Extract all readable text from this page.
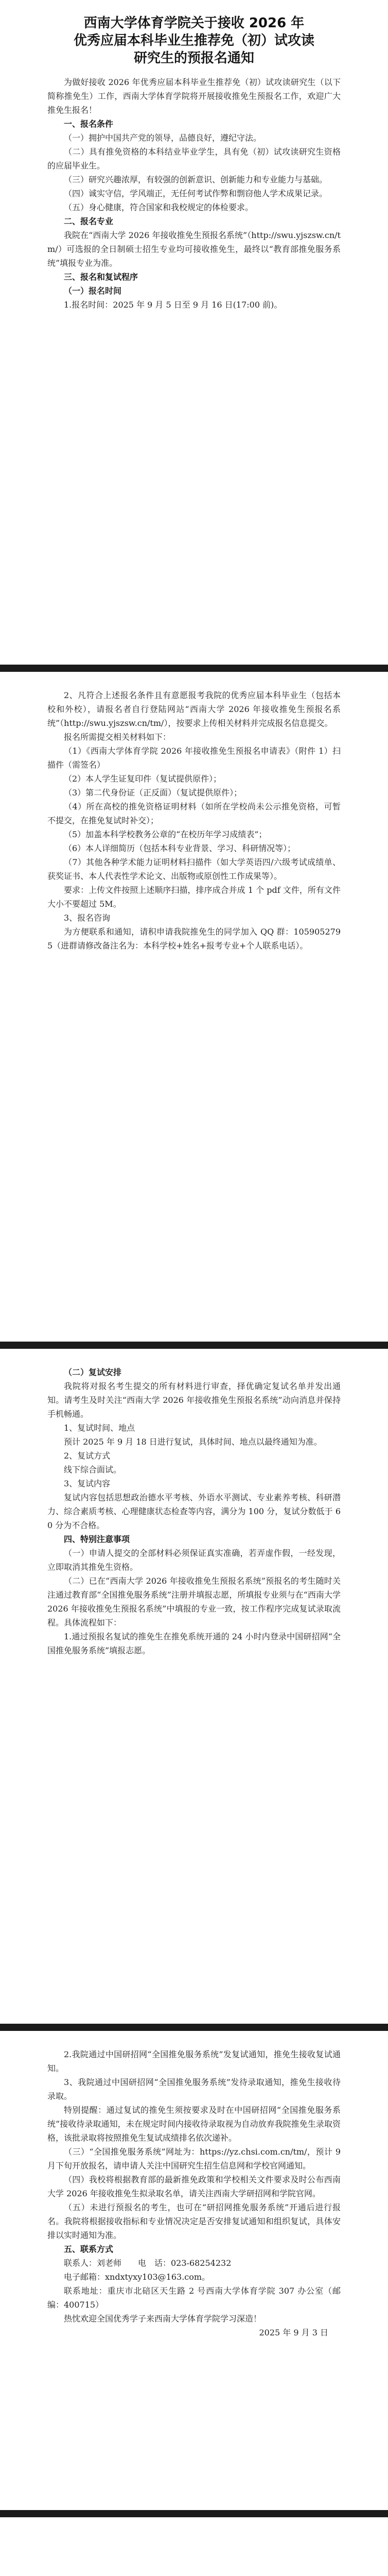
西南大学体育学院关于接收 2026 年
优秀应届本科毕业生推荐免（初）试攻读
研究生的预报名通知

为做好接收 2026 年优秀应届本科毕业生推荐免（初）试攻读研究生（以下简称推免生）工作，西南大学体育学院将开展接收推免生预报名工作，欢迎广大推免生报名！

一、报名条件

（一）拥护中国共产党的领导，品德良好，遵纪守法。

（二）具有推免资格的本科结业毕业学生，具有免（初）试攻读研究生资格的应届毕业生。

（三）研究兴趣浓厚，有较强的创新意识、创新能力和专业能力与基础。

（四）诚实守信，学风端正，无任何考试作弊和剽窃他人学术成果记录。

（五）身心健康，符合国家和我校规定的体检要求。

二、报名专业

我院在“西南大学 2026 年接收推免生预报名系统”（http://swu.yjszsw.cn/tm/）可选报的全日制硕士招生专业均可接收推免生，最终以“教育部推免服务系统”填报专业为准。

三、报名和复试程序

（一）报名时间

1.报名时间：2025 年 9 月 5 日至 9 月 16 日(17:00 前)。

2、凡符合上述报名条件且有意愿报考我院的优秀应届本科毕业生（包括本校和外校），请报名者自行登陆网站“西南大学 2026 年接收推免生预报名系统”（http://swu.yjszsw.cn/tm/），按要求上传相关材料并完成报名信息提交。

报名所需提交相关材料如下：

（1）《西南大学体育学院 2026 年接收推免生预报名申请表》（附件 1）扫描件（需签名）

（2）本人学生证复印件（复试提供原件）；

（3）第二代身份证（正反面）（复试提供原件）；

（4）所在高校的推免资格证明材料（如所在学校尚未公示推免资格，可暂不提交，在推免复试时补交）；

（5）加盖本科学校教务公章的“在校历年学习成绩表”；

（6）本人详细简历（包括本科专业背景、学习、科研情况等）；

（7）其他各种学术能力证明材料扫描件（如大学英语四/六级考试成绩单、获奖证书、本人代表性学术论文、出版物或原创性工作成果等）。

要求：上传文件按照上述顺序扫描，排序成合并成 1 个 pdf 文件，所有文件大小不要超过 5M。

3、报名咨询

为方便联系和通知，请积申请我院推免生的同学加入 QQ 群：1059052795（进群请修改备注名为：本科学校+姓名+报考专业+个人联系电话）。

（二）复试安排

我院将对报名考生提交的所有材料进行审查，择优确定复试名单并发出通知。请考生及时关注“西南大学 2026 年接收推免生预报名系统”动向消息并保持手机畅通。

1、复试时间、地点

预计 2025 年 9 月 18 日进行复试，具体时间、地点以最终通知为准。

2、复试方式

线下综合面试。

3、复试内容

复试内容包括思想政治德水平考核、外语水平测试、专业素养考核、科研潜力、综合素质考核、心理健康状态检查等内容，满分为 100 分，复试分数低于 60 分为不合格。

四、特别注意事项

（一）申请人提交的全部材料必须保证真实准确，若弄虚作假，一经发现，立即取消其推免生资格。

（二）已在“西南大学 2026 年接收推免生预报名系统”预报名的考生随时关注通过教育部“全国推免服务系统”注册并填报志愿，所填报专业须与在“西南大学 2026 年接收推免生预报名系统”中填报的专业一致，按工作程序完成复试录取流程。具体流程如下：

1.通过预报名复试的推免生在推免系统开通的 24 小时内登录中国研招网“全国推免服务系统”填报志愿。

2.我院通过中国研招网“全国推免服务系统”发复试通知，推免生接收复试通知。

3、我院通过中国研招网“全国推免服务系统”发待录取通知，推免生接收待录取。

特别提醒：通过复试的推免生须按要求及时在中国研招网“全国推免服务系统”接收待录取通知，未在规定时间内接收待录取视为自动放弃我院推免生录取资格，该批录取将按照推免生复试成绩排名依次递补。

（三）“全国推免服务系统”网址为：https://yz.chsi.com.cn/tm/，预计 9 月下旬开放报名，请申请人关注中国研究生招生信息网和学校官网通知。

（四）我校将根据教育部的最新推免政策和学校相关文件要求及时公布西南大学 2026 年接收推免生拟录取名单，请关注西南大学研招网和学院官网。

（五）未进行预报名的考生，也可在“研招网推免服务系统”开通后进行报名。我院将根据接收指标和专业情况决定是否安排复试通知和组织复试，具体安排以实时通知为准。

五、联系方式

联系人：刘老师　　电　话：023-68254232

电子邮箱：xndxtyxy103@163.com。

联系地址：重庆市北碚区天生路 2 号西南大学体育学院 307 办公室（邮编：400715）

热忱欢迎全国优秀学子来西南大学体育学院学习深造！

2025 年 9 月 3 日
